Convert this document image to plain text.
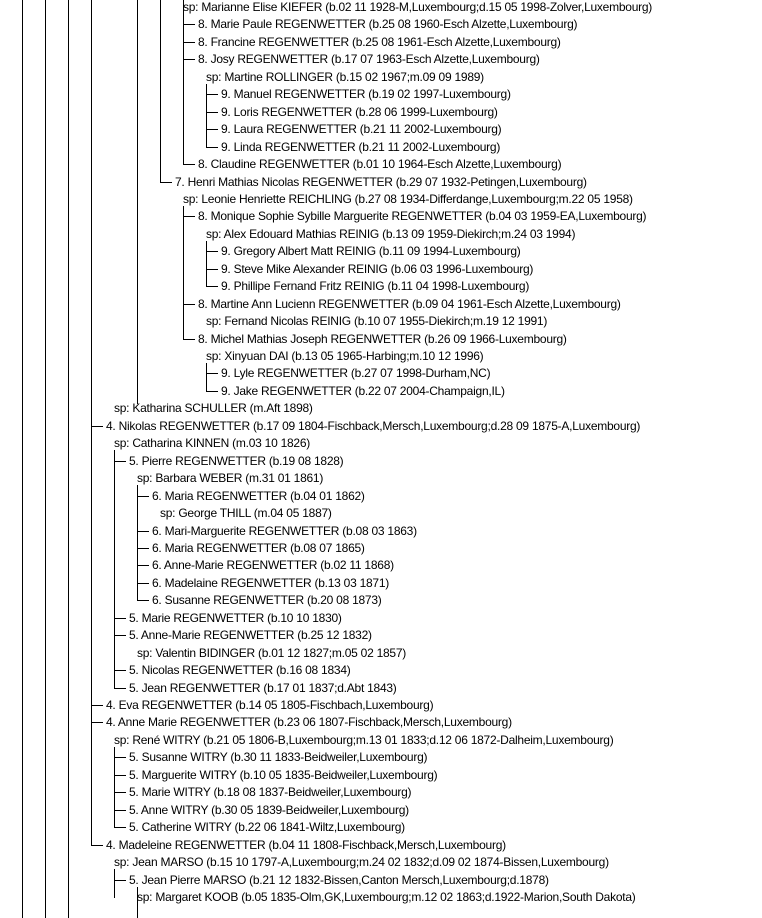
sp: Marianne Elise KIEFER (b.02 11 1928-M,Luxembourg;d.15 05 1998-Zolver,Luxembourg)
8. Marie Paule REGENWETTER (b.25 08 1960-Esch Alzette,Luxembourg)
8. Francine REGENWETTER (b.25 08 1961-Esch Alzette,Luxembourg)
8. Josy REGENWETTER (b.17 07 1963-Esch Alzette,Luxembourg)
sp: Martine ROLLINGER (b.15 02 1967;m.09 09 1989)
9. Manuel REGENWETTER (b.19 02 1997-Luxembourg)
9. Loris REGENWETTER (b.28 06 1999-Luxembourg)
9. Laura REGENWETTER (b.21 11 2002-Luxembourg)
9. Linda REGENWETTER (b.21 11 2002-Luxembourg)
8. Claudine REGENWETTER (b.01 10 1964-Esch Alzette,Luxembourg)
7. Henri Mathias Nicolas REGENWETTER (b.29 07 1932-Petingen,Luxembourg)
sp: Leonie Henriette REICHLING (b.27 08 1934-Differdange,Luxembourg;m.22 05 1958)
8. Monique Sophie Sybille Marguerite REGENWETTER (b.04 03 1959-EA,Luxembourg)
sp: Alex Edouard Mathias REINIG (b.13 09 1959-Diekirch;m.24 03 1994)
9. Gregory Albert Matt REINIG (b.11 09 1994-Luxembourg)
9. Steve Mike Alexander REINIG (b.06 03 1996-Luxembourg)
9. Phillipe Fernand Fritz REINIG (b.11 04 1998-Luxembourg)
8. Martine Ann Lucienn REGENWETTER (b.09 04 1961-Esch Alzette,Luxembourg)
sp: Fernand Nicolas REINIG (b.10 07 1955-Diekirch;m.19 12 1991)
8. Michel Mathias Joseph REGENWETTER (b.26 09 1966-Luxembourg)
sp: Xinyuan DAI (b.13 05 1965-Harbing;m.10 12 1996)
9. Lyle REGENWETTER (b.27 07 1998-Durham,NC)
9. Jake REGENWETTER (b.22 07 2004-Champaign,IL)
sp: Katharina SCHULLER (m.Aft 1898)
4. Nikolas REGENWETTER (b.17 09 1804-Fischback,Mersch,Luxembourg;d.28 09 1875-A,Luxembourg)
sp: Catharina KINNEN (m.03 10 1826)
5. Pierre REGENWETTER (b.19 08 1828)
sp: Barbara WEBER (m.31 01 1861)
6. Maria REGENWETTER (b.04 01 1862)
sp: George THILL (m.04 05 1887)
6. Mari-Marguerite REGENWETTER (b.08 03 1863)
6. Maria REGENWETTER (b.08 07 1865)
6. Anne-Marie REGENWETTER (b.02 11 1868)
6. Madelaine REGENWETTER (b.13 03 1871)
6. Susanne REGENWETTER (b.20 08 1873)
5. Marie REGENWETTER (b.10 10 1830)
5. Anne-Marie REGENWETTER (b.25 12 1832)
sp: Valentin BIDINGER (b.01 12 1827;m.05 02 1857)
5. Nicolas REGENWETTER (b.16 08 1834)
5. Jean REGENWETTER (b.17 01 1837;d.Abt 1843)
4. Eva REGENWETTER (b.14 05 1805-Fischbach,Luxembourg)
4. Anne Marie REGENWETTER (b.23 06 1807-Fischback,Mersch,Luxembourg)
sp: René WITRY (b.21 05 1806-B,Luxembourg;m.13 01 1833;d.12 06 1872-Dalheim,Luxembourg)
5. Susanne WITRY (b.30 11 1833-Beidweiler,Luxembourg)
5. Marguerite WITRY (b.10 05 1835-Beidweiler,Luxembourg)
5. Marie WITRY (b.18 08 1837-Beidweiler,Luxembourg)
5. Anne WITRY (b.30 05 1839-Beidweiler,Luxembourg)
5. Catherine WITRY (b.22 06 1841-Wiltz,Luxembourg)
4. Madeleine REGENWETTER (b.04 11 1808-Fischback,Mersch,Luxembourg)
sp: Jean MARSO (b.15 10 1797-A,Luxembourg;m.24 02 1832;d.09 02 1874-Bissen,Luxembourg)
5. Jean Pierre MARSO (b.21 12 1832-Bissen,Canton Mersch,Luxembourg;d.1878)
sp: Margaret KOOB (b.05 1835-Olm,GK,Luxembourg;m.12 02 1863;d.1922-Marion,South Dakota)
